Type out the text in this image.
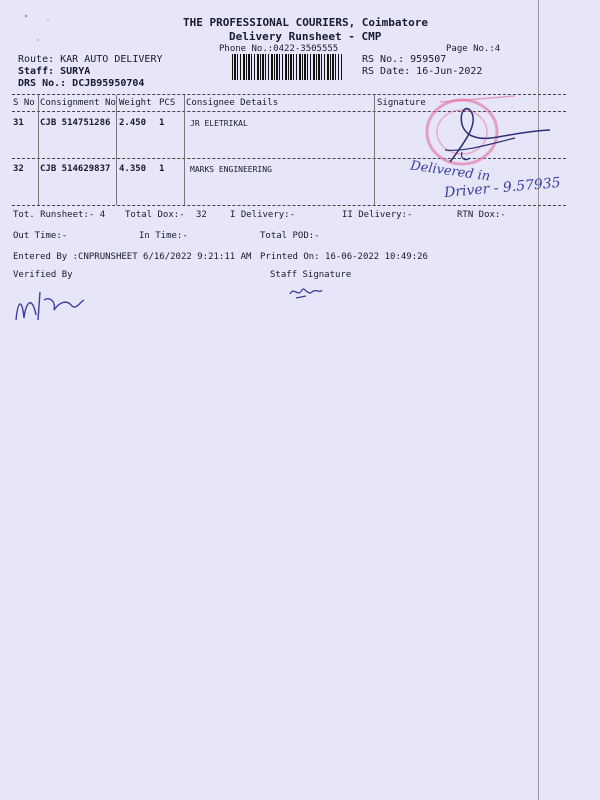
THE PROFESSIONAL COURIERS, Coimbatore
Delivery Runsheet - CMP
Phone No.:0422-3505555	Page No.:4
Route: KAR AUTO DELIVERY
Staff: SURYA
DRS No.: DCJB95950704
RS No.: 959507
RS Date: 16-Jun-2022
S No Consignment No Weight PCS Consignee Details	Signature
31 CJB 514751286 2.450 1	JR ELETRIKAL
32 CJB 514629837 4.350 1	MARKS ENGINEERING	Delivered in
Driver - 9.57935
Tot. Runsheet:- 4 Total Dox:- 32	I Delivery:-	II Delivery:-	RTN Dox:-
Out Time:-	In Time:-	Total POD:-
Entered By :CNPRUNSHEET 6/16/2022 9:21:11 AM Printed On: 16-06-2022 10:49:26
Verified By	Staff Signature
